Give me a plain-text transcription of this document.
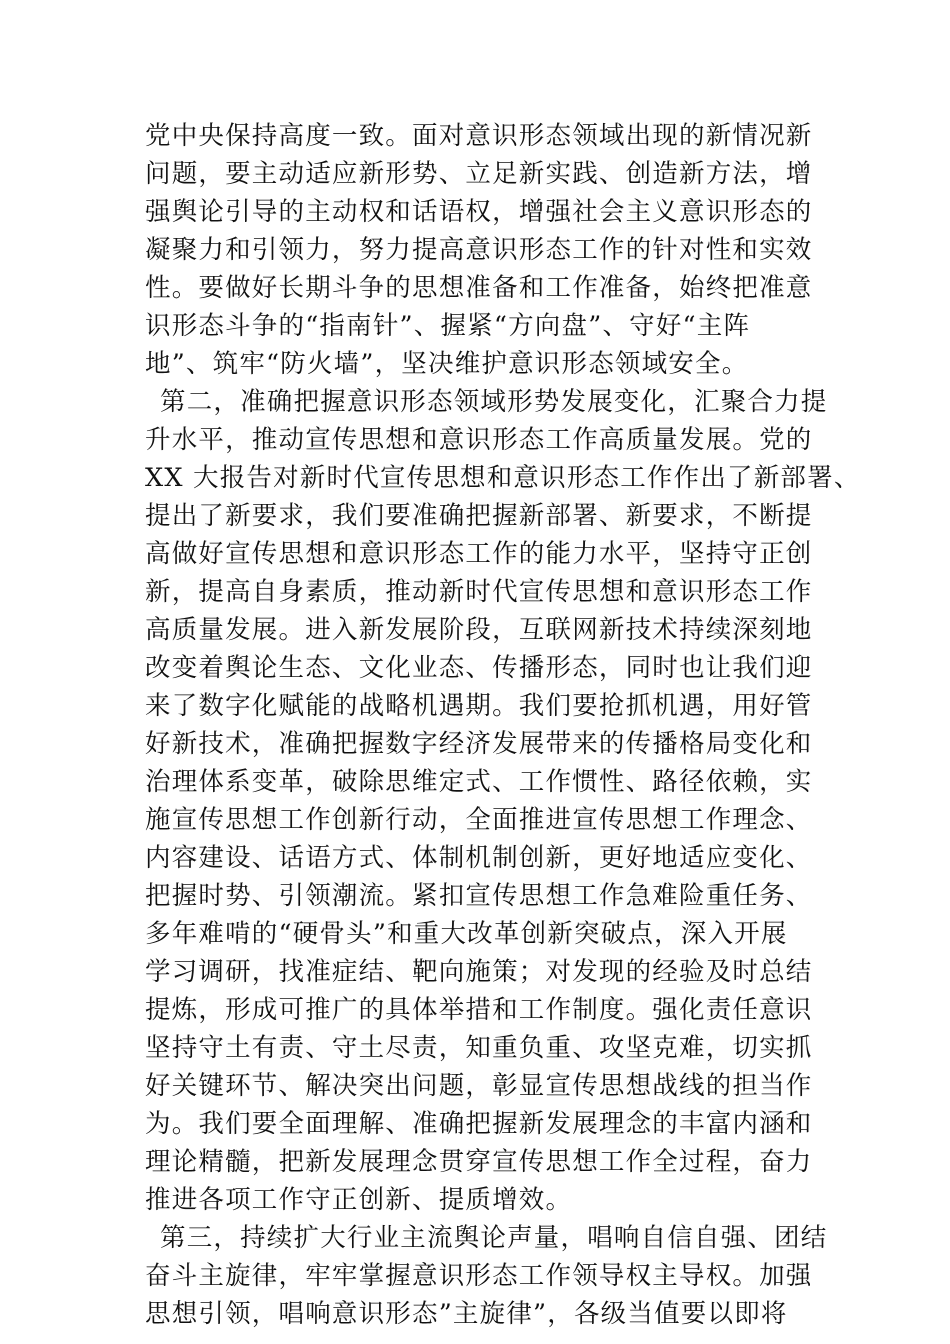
党中央保持高度一致。面对意识形态领域出现的新情况新
问题，要主动适应新形势、立足新实践、创造新方法，增
强舆论引导的主动权和话语权，增强社会主义意识形态的
凝聚力和引领力，努力提高意识形态工作的针对性和实效
性。要做好长期斗争的思想准备和工作准备，始终把准意
识形态斗争的“指南针”、握紧“方向盘”、守好“主阵
地”、筑牢“防火墙”，坚决维护意识形态领域安全。
第二，准确把握意识形态领域形势发展变化，汇聚合力提
升水平，推动宣传思想和意识形态工作高质量发展。党的
XX 大报告对新时代宣传思想和意识形态工作作出了新部署、
提出了新要求，我们要准确把握新部署、新要求，不断提
高做好宣传思想和意识形态工作的能力水平，坚持守正创
新，提高自身素质，推动新时代宣传思想和意识形态工作
高质量发展。进入新发展阶段，互联网新技术持续深刻地
改变着舆论生态、文化业态、传播形态，同时也让我们迎
来了数字化赋能的战略机遇期。我们要抢抓机遇，用好管
好新技术，准确把握数字经济发展带来的传播格局变化和
治理体系变革，破除思维定式、工作惯性、路径依赖，实
施宣传思想工作创新行动，全面推进宣传思想工作理念、
内容建设、话语方式、体制机制创新，更好地适应变化、
把握时势、引领潮流。紧扣宣传思想工作急难险重任务、
多年难啃的“硬骨头”和重大改革创新突破点，深入开展
学习调研，找准症结、靶向施策；对发现的经验及时总结
提炼，形成可推广的具体举措和工作制度。强化责任意识
坚持守土有责、守土尽责，知重负重、攻坚克难，切实抓
好关键环节、解决突出问题，彰显宣传思想战线的担当作
为。我们要全面理解、准确把握新发展理念的丰富内涵和
理论精髓，把新发展理念贯穿宣传思想工作全过程，奋力
推进各项工作守正创新、提质增效。
第三，持续扩大行业主流舆论声量，唱响自信自强、团结
奋斗主旋律，牢牢掌握意识形态工作领导权主导权。加强
思想引领，唱响意识形态”主旋律”，各级当值要以即将
